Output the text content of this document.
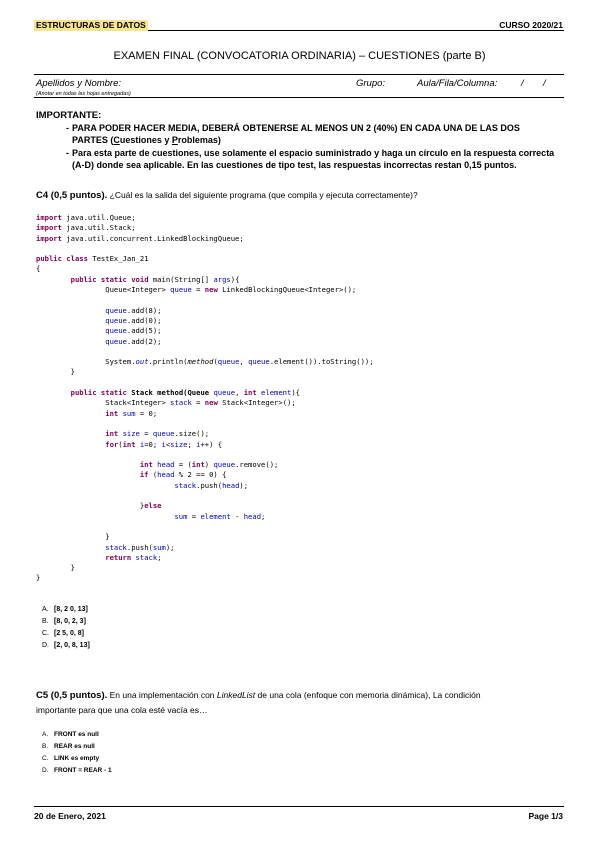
ESTRUCTURAS DE DATOS	CURSO 2020/21
EXAMEN FINAL (CONVOCATORIA ORDINARIA) – CUESTIONES (parte B)
Apellidos y Nombre:
(Anotar en todas las hojas entregadas)
Grupo:	Aula/Fila/Columna: / /
IMPORTANTE:
- PARA PODER HACER MEDIA, DEBERÁ OBTENERSE AL MENOS UN 2 (40%) EN CADA UNA DE LAS DOS
PARTES (Cuestiones y Problemas)
- Para esta parte de cuestiones, use solamente el espacio suministrado y haga un círculo en la respuesta correcta
(A-D) donde sea aplicable. En las cuestiones de tipo test, las respuestas incorrectas restan 0,15 puntos.
C4 (0,5 puntos). ¿Cuál es la salida del siguiente programa (que compila y ejecuta correctamente)?
import java.util.Queue;
import java.util.Stack;
import java.util.concurrent.LinkedBlockingQueue;

public class TestEx_Jan_21
{
public static void main(String[] args){
Queue<Integer> queue = new LinkedBlockingQueue<Integer>();

queue.add(8);
queue.add(0);
queue.add(5);
queue.add(2);

System.out.println(method(queue, queue.element()).toString());
}

public static Stack method(Queue queue, int element){
Stack<Integer> stack = new Stack<Integer>();
int sum = 0;

int size = queue.size();
for(int i=0; i<size; i++) {

int head = (int) queue.remove();
if (head % 2 == 0) {
stack.push(head);

}else
sum = element - head;

}
stack.push(sum);
return stack;
}
}
A. [8, 2 0, 13]
B. [8, 0, 2, 3]
C. [2 5, 0, 8]
D. [2, 0, 8, 13]
C5 (0,5 puntos). En una implementación con LinkedList de una cola (enfoque con memoria dinámica), La condición
importante para que una cola esté vacía es…
A. FRONT es null
B. REAR es null
C. LINK es empty
D. FRONT = REAR - 1
20 de Enero, 2021	Page 1/3
